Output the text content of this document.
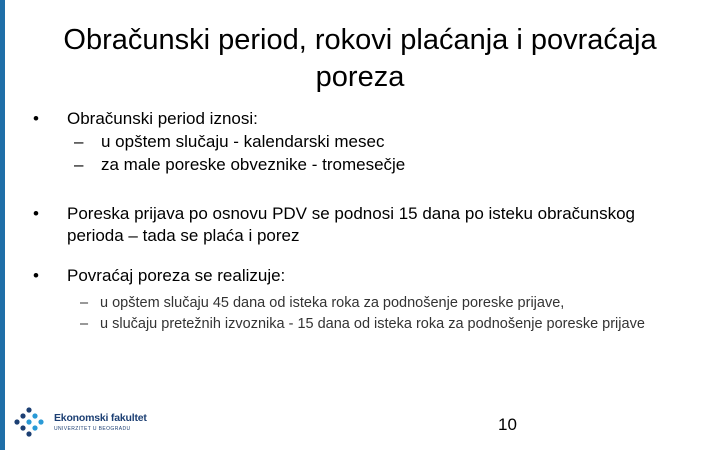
Obračunski period, rokovi plaćanja i povraćaja
poreza
• Obračunski period iznosi:
– u opštem slučaju - kalendarski mesec
– za male poreske obveznike - tromesečje
• Poreska prijava po osnovu PDV se podnosi 15 dana po isteku obračunskog perioda – tada se plaća i porez
• Povraćaj poreza se realizuje:
– u opštem slučaju 45 dana od isteka roka za podnošenje poreske prijave,
– u slučaju pretežnih izvoznika - 15 dana od isteka roka za podnošenje poreske prijave
Ekonomski fakultet
UNIVERZITET U BEOGRADU	10
